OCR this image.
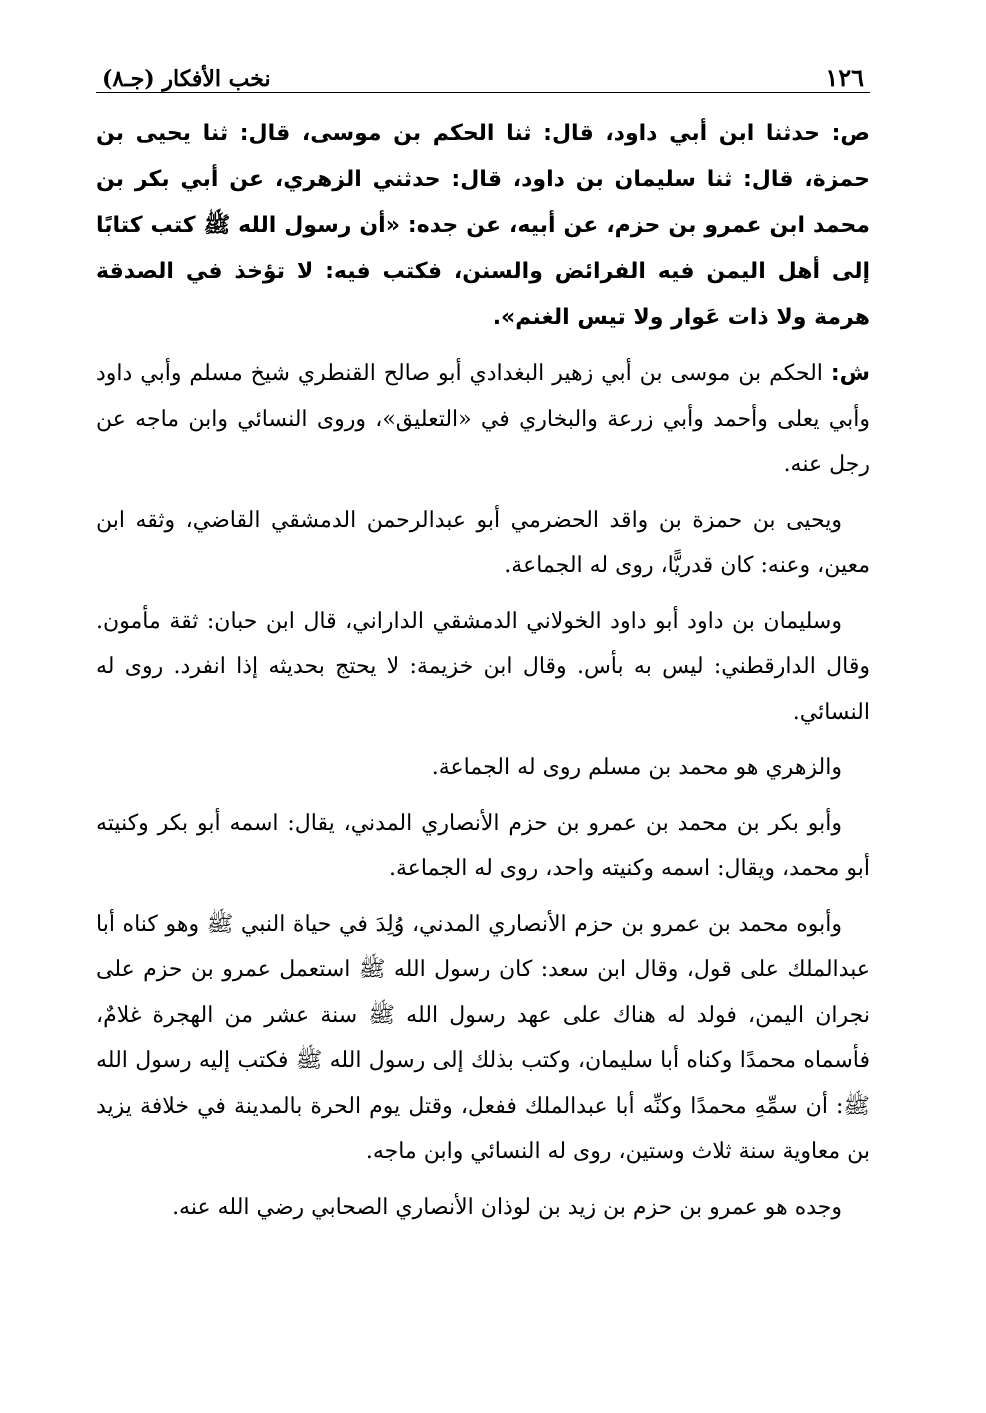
١٢٦
نخب الأفكار (جـ٨)

ص: حدثنا ابن أبي داود، قال: ثنا الحكم بن موسى، قال: ثنا يحيى بن حمزة، قال: ثنا سليمان بن داود، قال: حدثني الزهري، عن أبي بكر بن محمد ابن عمرو بن حزم، عن أبيه، عن جده: «أن رسول الله ﷺ كتب كتابًا إلى أهل اليمن فيه الفرائض والسنن، فكتب فيه: لا تؤخذ في الصدقة هرمة ولا ذات عَوار ولا تيس الغنم».

ش: الحكم بن موسى بن أبي زهير البغدادي أبو صالح القنطري شيخ مسلم وأبي داود وأبي يعلى وأحمد وأبي زرعة والبخاري في «التعليق»، وروى النسائي وابن ماجه عن رجل عنه.

ويحيى بن حمزة بن واقد الحضرمي أبو عبدالرحمن الدمشقي القاضي، وثقه ابن معين، وعنه: كان قدريًّا، روى له الجماعة.

وسليمان بن داود أبو داود الخولاني الدمشقي الداراني، قال ابن حبان: ثقة مأمون. وقال الدارقطني: ليس به بأس. وقال ابن خزيمة: لا يحتج بحديثه إذا انفرد. روى له النسائي.

والزهري هو محمد بن مسلم روى له الجماعة.

وأبو بكر بن محمد بن عمرو بن حزم الأنصاري المدني، يقال: اسمه أبو بكر وكنيته أبو محمد، ويقال: اسمه وكنيته واحد، روى له الجماعة.

وأبوه محمد بن عمرو بن حزم الأنصاري المدني، وُلِدَ في حياة النبي ﷺ وهو كناه أبا عبدالملك على قول، وقال ابن سعد: كان رسول الله ﷺ استعمل عمرو بن حزم على نجران اليمن، فولد له هناك على عهد رسول الله ﷺ سنة عشر من الهجرة غلامٌ، فأسماه محمدًا وكناه أبا سليمان، وكتب بذلك إلى رسول الله ﷺ فكتب إليه رسول الله ﷺ: أن سمِّهِ محمدًا وكنِّه أبا عبدالملك ففعل، وقتل يوم الحرة بالمدينة في خلافة يزيد بن معاوية سنة ثلاث وستين، روى له النسائي وابن ماجه.

وجده هو عمرو بن حزم بن زيد بن لوذان الأنصاري الصحابي رضي الله عنه.
